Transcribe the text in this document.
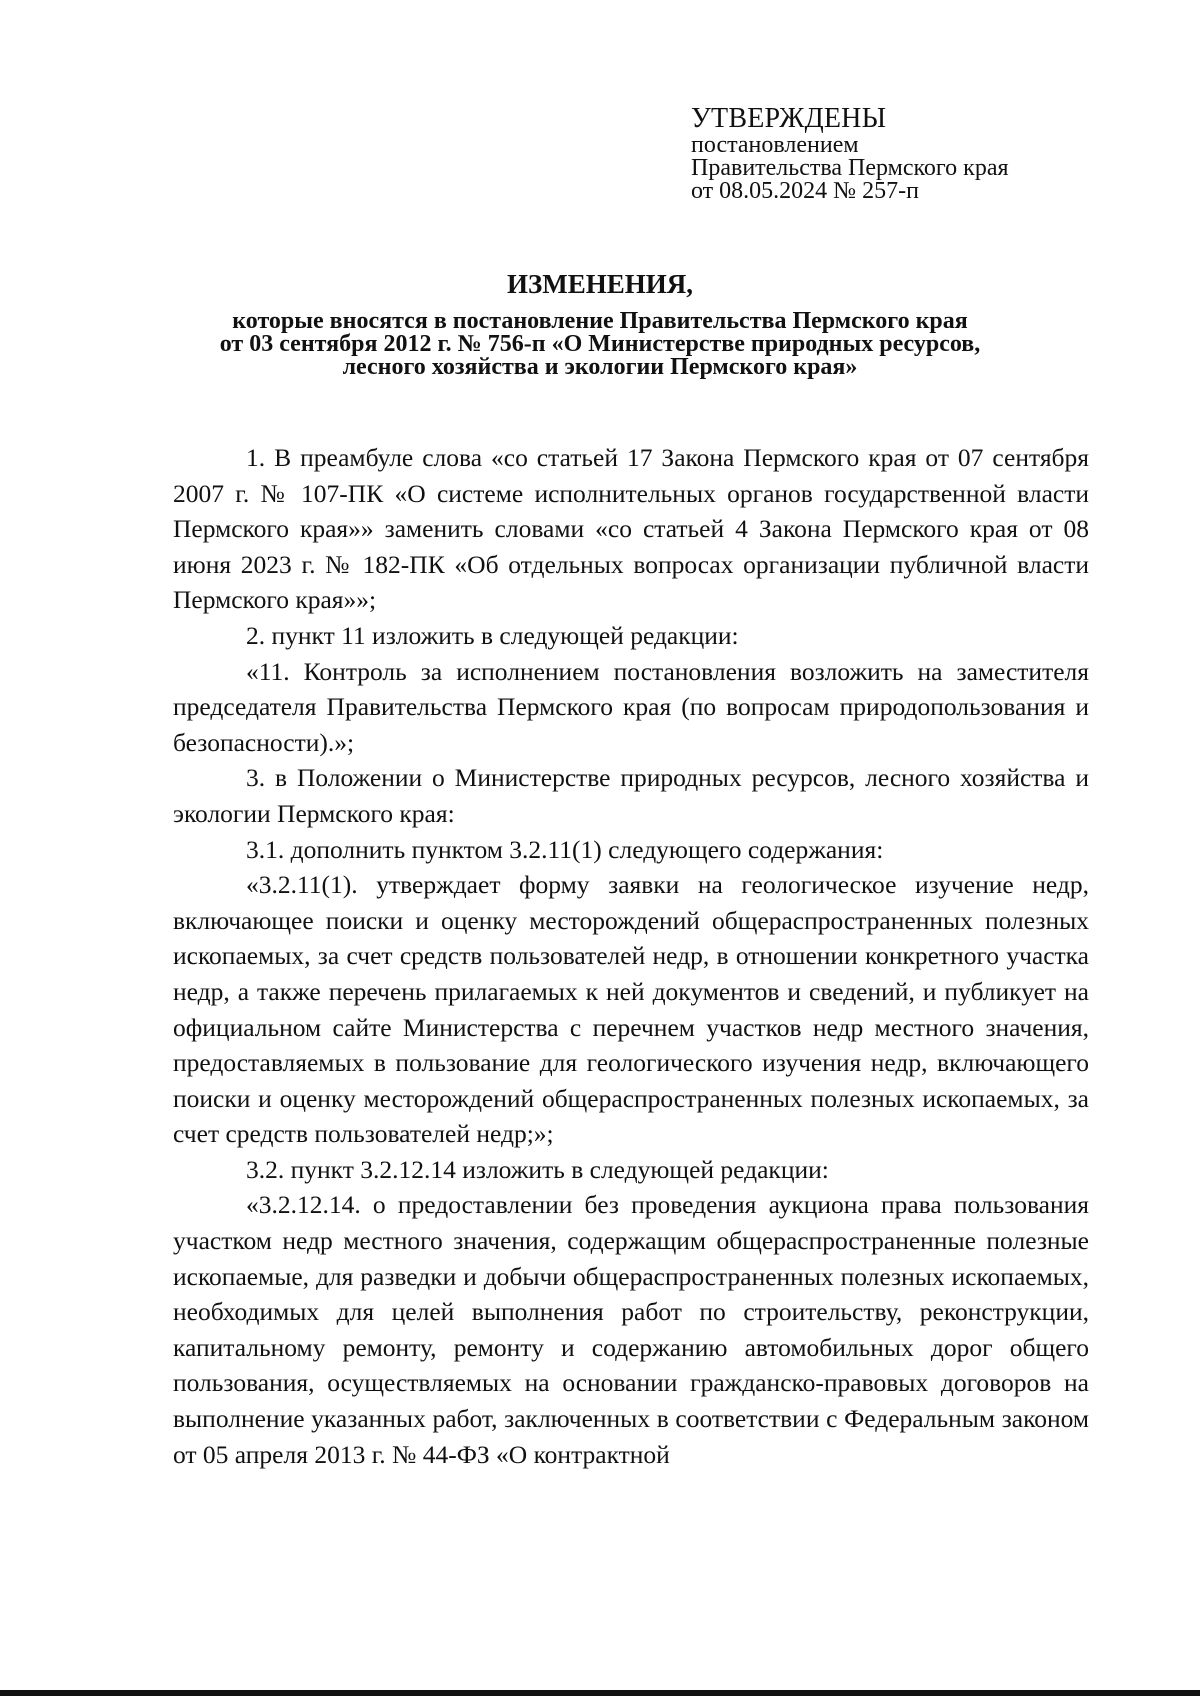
УТВЕРЖДЕНЫ
постановлением
Правительства Пермского края
от 08.05.2024 № 257-п
ИЗМЕНЕНИЯ,
которые вносятся в постановление Правительства Пермского края
от 03 сентября 2012 г. № 756-п «О Министерстве природных ресурсов,
лесного хозяйства и экологии Пермского края»

1. В преамбуле слова «со статьей 17 Закона Пермского края от 07 сентября 2007 г. № 107-ПК «О системе исполнительных органов государственной власти Пермского края»» заменить словами «со статьей 4 Закона Пермского края от 08 июня 2023 г. № 182-ПК «Об отдельных вопросах организации публичной власти Пермского края»»;

2. пункт 11 изложить в следующей редакции:

«11. Контроль за исполнением постановления возложить на заместителя председателя Правительства Пермского края (по вопросам природопользования и безопасности).»;

3. в Положении о Министерстве природных ресурсов, лесного хозяйства и экологии Пермского края:

3.1. дополнить пунктом 3.2.11(1) следующего содержания:

«3.2.11(1). утверждает форму заявки на геологическое изучение недр, включающее поиски и оценку месторождений общераспространенных полезных ископаемых, за счет средств пользователей недр, в отношении конкретного участка недр, а также перечень прилагаемых к ней документов и сведений, и публикует на официальном сайте Министерства с перечнем участков недр местного значения, предоставляемых в пользование для геологического изучения недр, включающего поиски и оценку месторождений общераспространенных полезных ископаемых, за счет средств пользователей недр;»;

3.2. пункт 3.2.12.14 изложить в следующей редакции:

«3.2.12.14. о предоставлении без проведения аукциона права пользования участком недр местного значения, содержащим общераспространенные полезные ископаемые, для разведки и добычи общераспространенных полезных ископаемых, необходимых для целей выполнения работ по строительству, реконструкции, капитальному ремонту, ремонту и содержанию автомобильных дорог общего пользования, осуществляемых на основании гражданско-правовых договоров на выполнение указанных работ, заключенных в соответствии с Федеральным законом от 05 апреля 2013 г. № 44-ФЗ «О контрактной
